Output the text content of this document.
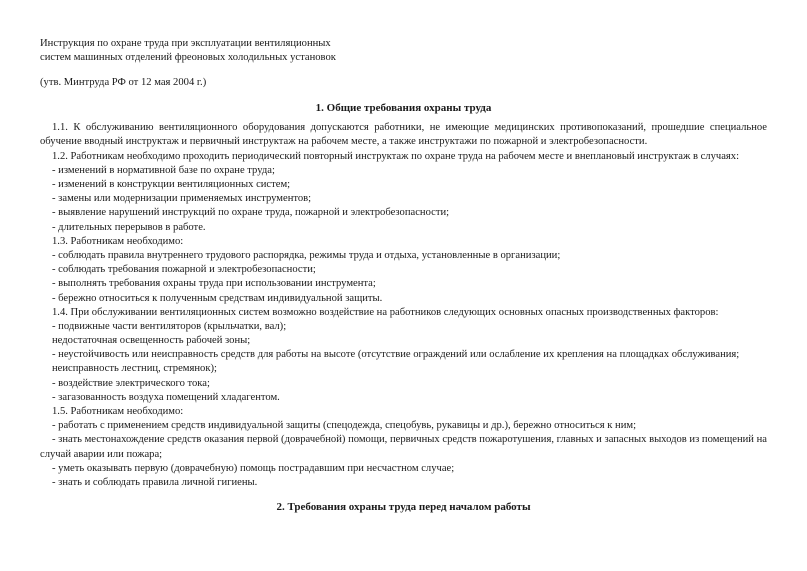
Инструкция по охране труда при эксплуатации вентиляционных
систем машинных отделений фреоновых холодильных установок

(утв. Минтруда РФ от 12 мая 2004 г.)

1. Общие требования охраны труда

1.1. К обслуживанию вентиляционного оборудования допускаются работники, не имеющие медицинских противопоказаний, прошедшие специальное обучение вводный инструктаж и первичный инструктаж на рабочем месте, а также инструктажи по пожарной и электробезопасности.

1.2. Работникам необходимо проходить периодический повторный инструктаж по охране труда на рабочем месте и внеплановый инструктаж в случаях:

- изменений в нормативной базе по охране труда;

- изменений в конструкции вентиляционных систем;

- замены или модернизации применяемых инструментов;

- выявление нарушений инструкций по охране труда, пожарной и электробезопасности;

- длительных перерывов в работе.

1.3. Работникам необходимо:

- соблюдать правила внутреннего трудового распорядка, режимы труда и отдыха, установленные в организации;

- соблюдать требования пожарной и электробезопасности;

- выполнять требования охраны труда при использовании инструмента;

- бережно относиться к полученным средствам индивидуальной защиты.

1.4. При обслуживании вентиляционных систем возможно воздействие на работников следующих основных опасных производственных факторов:

- подвижные части вентиляторов (крыльчатки, вал);

недостаточная освещенность рабочей зоны;

- неустойчивость или неисправность средств для работы на высоте (отсутствие ограждений или ослабление их крепления на площадках обслуживания;

неисправность лестниц, стремянок);

- воздействие электрического тока;

- загазованность воздуха помещений хладагентом.

1.5. Работникам необходимо:

- работать с применением средств индивидуальной защиты (спецодежда, спецобувь, рукавицы и др.), бережно относиться к ним;

- знать местонахождение средств оказания первой (доврачебной) помощи, первичных средств пожаротушения, главных и запасных выходов из помещений на случай аварии или пожара;

- уметь оказывать первую (доврачебную) помощь пострадавшим при несчастном случае;

- знать и соблюдать правила личной гигиены.

2. Требования охраны труда перед началом работы
